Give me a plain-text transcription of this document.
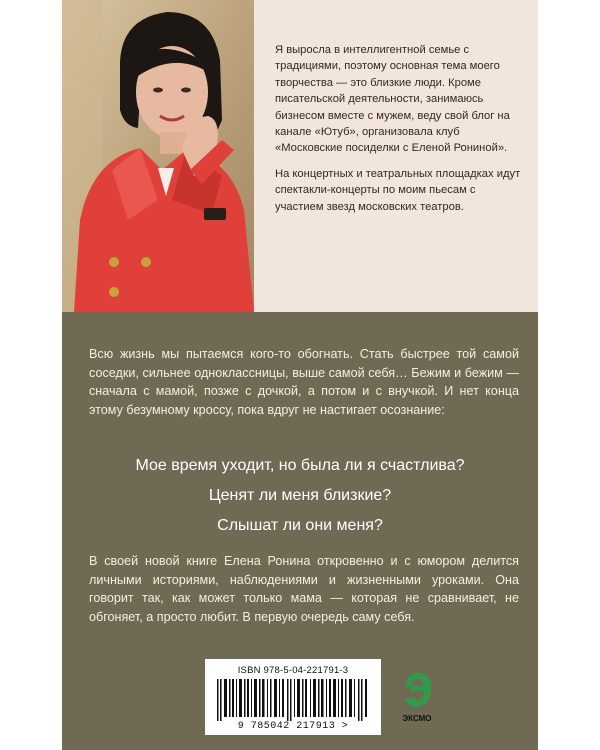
Я выросла в интеллигентной семье с традициями, поэтому основная тема моего творчества — это близкие люди. Кроме писательской деятельности, занимаюсь бизнесом вместе с мужем, веду свой блог на канале «Ютуб», организовала клуб «Московские посиделки с Еленой Рониной».

На концертных и театральных площадках идут спектакли-концерты по моим пьесам с участием звезд московских театров.

Всю жизнь мы пытаемся кого-то обогнать. Стать быстрее той самой соседки, сильнее одноклассницы, выше самой себя… Бежим и бежим — сначала с мамой, позже с дочкой, а потом и с внучкой. И нет конца этому безумному кроссу, пока вдруг не настигает осознание:
Мое время уходит, но была ли я счастлива?
Ценят ли меня близкие?
Слышат ли они меня?
В своей новой книге Елена Ронина откровенно и с юмором делится личными историями, наблюдениями и жизненными уроками. Она говорит так, как может только мама — которая не сравнивает, не обгоняет, а просто любит. В первую очередь саму себя.
ISBN 978-5-04-221791-3
9 785042 217913 >
ЭКСМО
